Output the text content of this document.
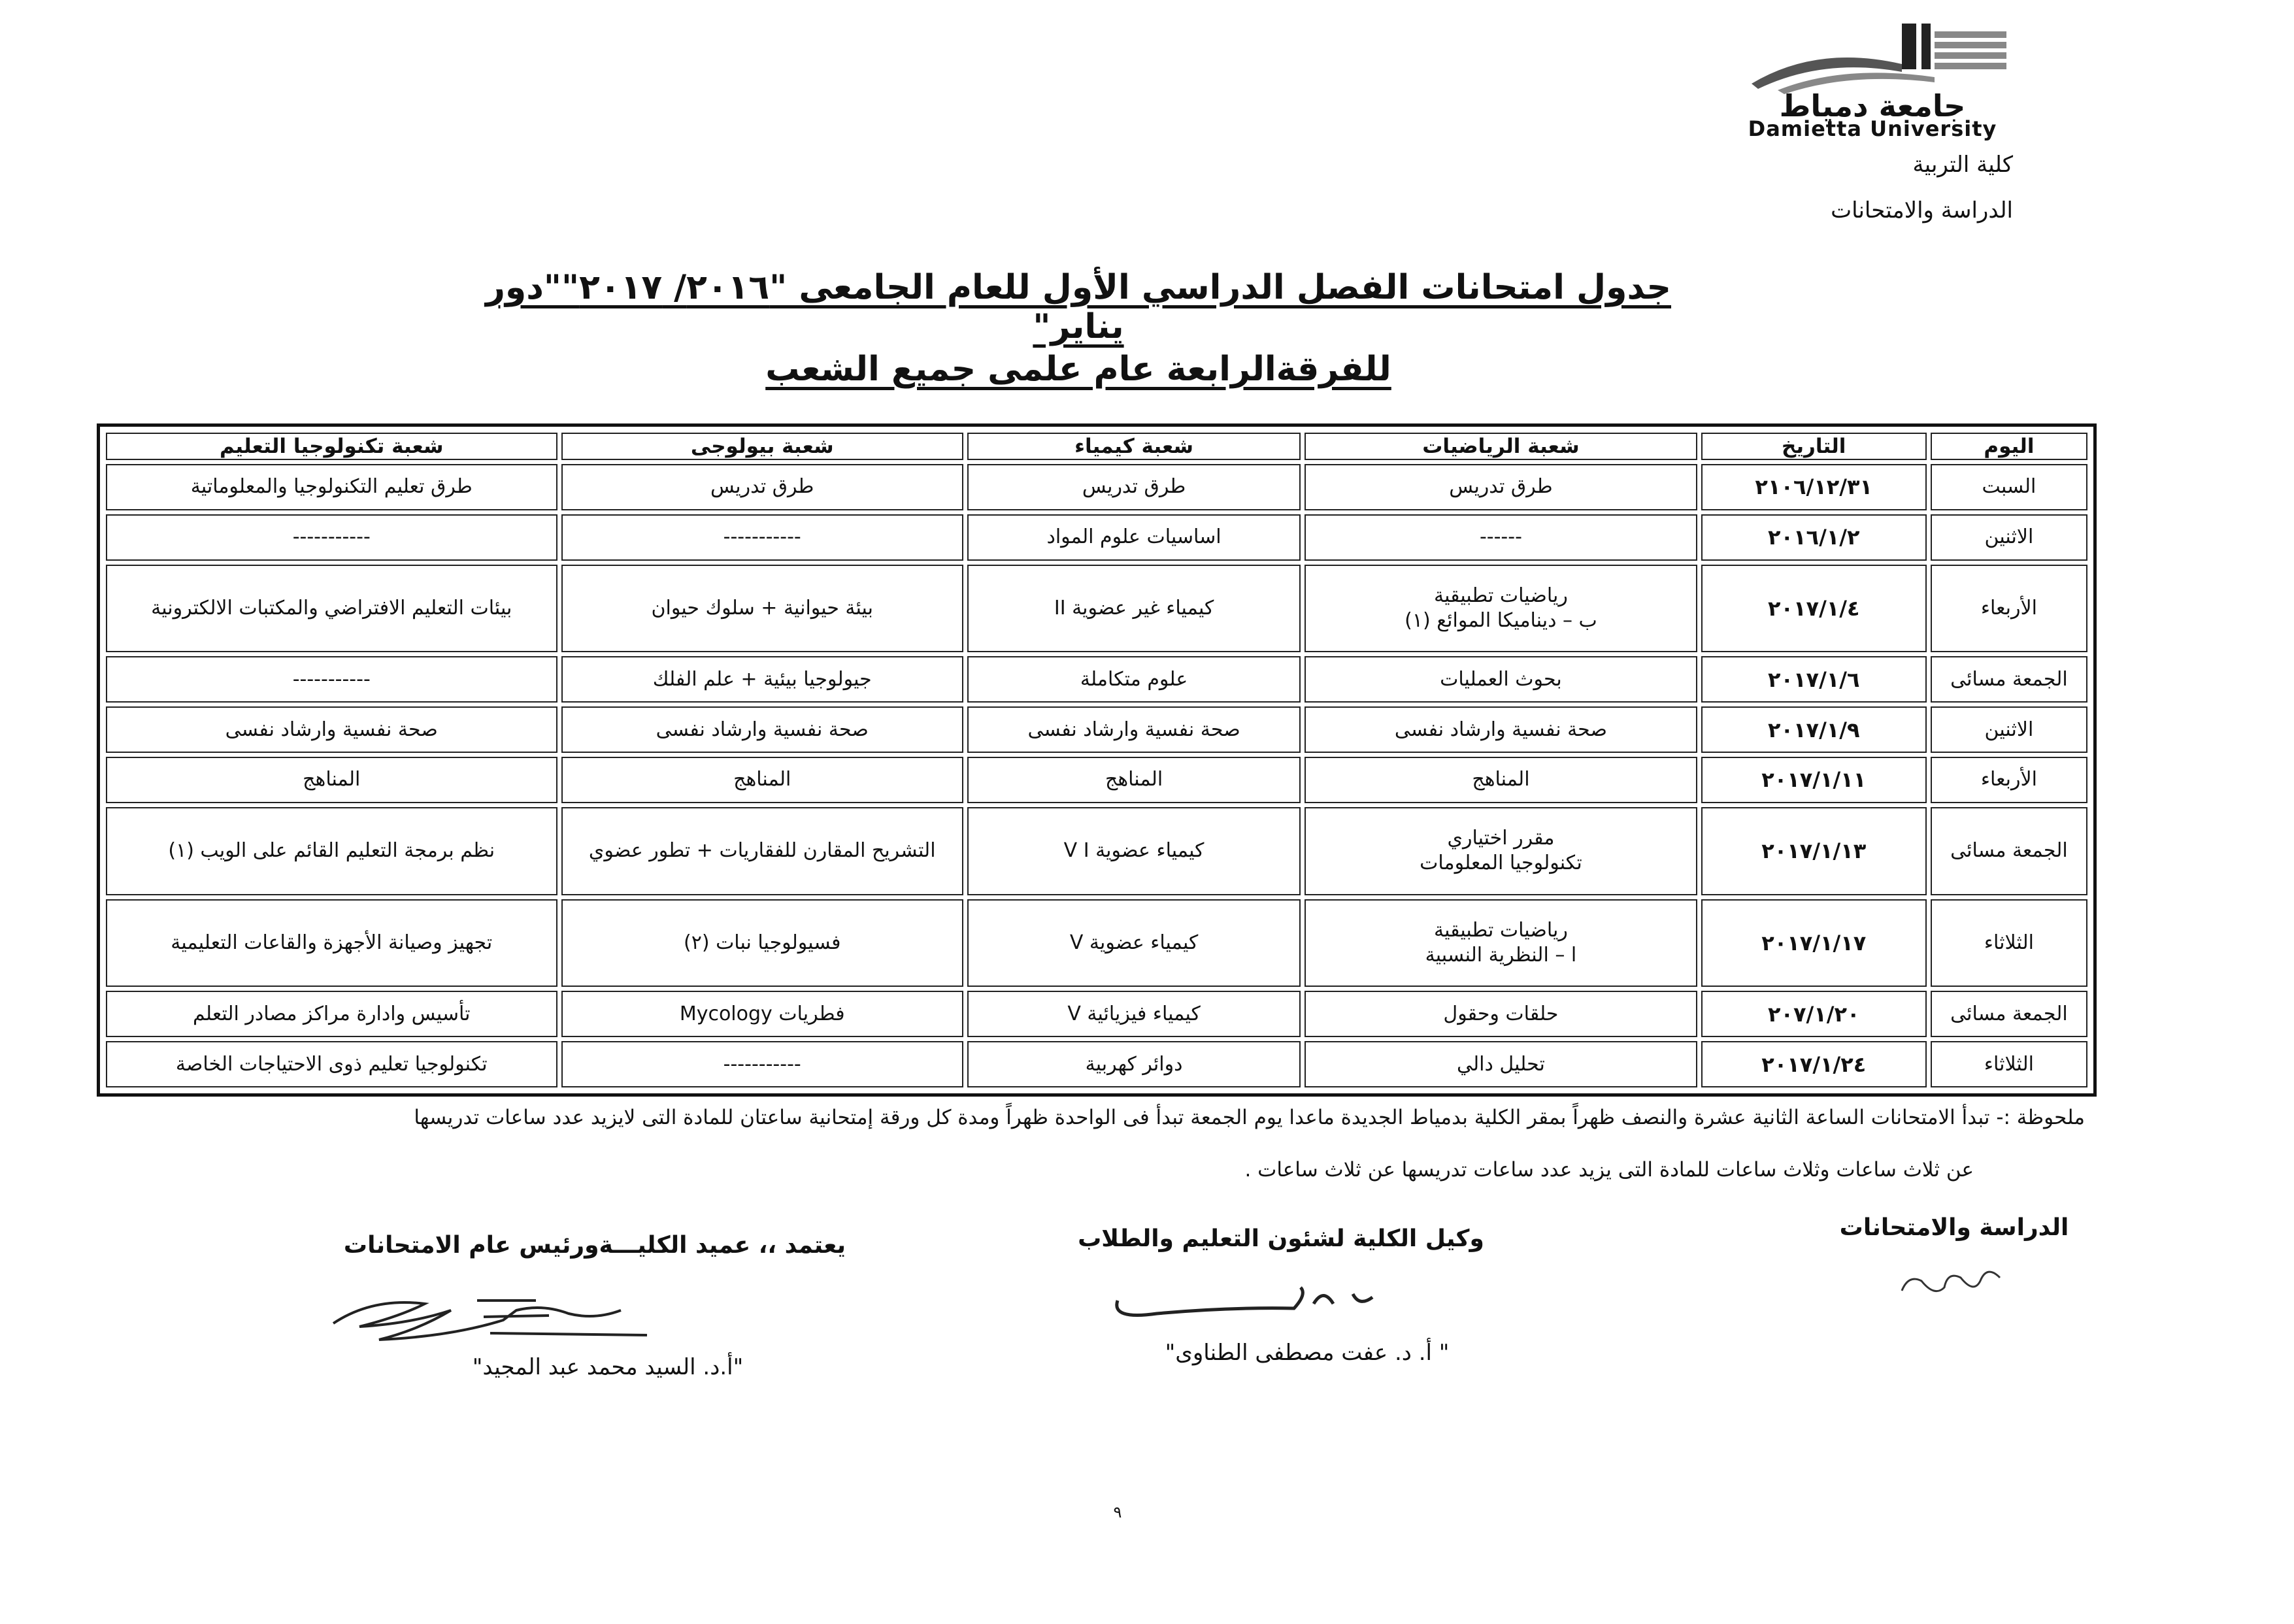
جامعة دمياط
Damietta University
كلية التربية
الدراسة والامتحانات
جدول امتحانات الفصل الدراسي الأول للعام الجامعى "٢٠١٦/ ٢٠١٧""دور يناير"
للفرقةالرابعة عام علمى جميع الشعب
اليوم	التاريخ	شعبة الرياضيات	شعبة كيمياء	شعبة بيولوجى	شعبة تكنولوجيا التعليم

السبت	٢١٠٦/١٢/٣١	طرق تدريس	طرق تدريس	طرق تدريس	طرق تعليم التكنولوجيا والمعلوماتية

الاثنين	٢٠١٦/١/٢	------	اساسيات علوم المواد	-----------	-----------

الأربعاء	٢٠١٧/١/٤	رياضيات تطبيقية
ب – ديناميكا الموائع (١)	كيمياء غير عضوية II	بيئة حيوانية + سلوك حيوان	بيئات التعليم الافتراضي والمكتبات الالكترونية

الجمعة مسائى	٢٠١٧/١/٦	بحوث العمليات	علوم متكاملة	جيولوجيا بيئية + علم الفلك	-----------

الاثنين	٢٠١٧/١/٩	صحة نفسية وارشاد نفسى	صحة نفسية وارشاد نفسى	صحة نفسية وارشاد نفسى	صحة نفسية وارشاد نفسى

الأربعاء	٢٠١٧/١/١١	المناهج	المناهج	المناهج	المناهج

الجمعة مسائى	٢٠١٧/١/١٣	مقرر اختياري
تكنولوجيا المعلومات	كيمياء عضوية V I	التشريح المقارن للفقاريات + تطور عضوي	نظم برمجة التعليم القائم على الويب (١)

الثلاثاء	٢٠١٧/١/١٧	رياضيات تطبيقية
ا – النظرية النسبية	كيمياء عضوية V	فسيولوجيا نبات (٢)	تجهيز وصيانة الأجهزة والقاعات التعليمية

الجمعة مسائى	٢٠٧/١/٢٠	حلقات وحقول	كيمياء فيزيائية V	فطريات Mycology	تأسيس وادارة مراكز مصادر التعلم

الثلاثاء	٢٠١٧/١/٢٤	تحليل دالي	دوائر كهربية	-----------	تكنولوجيا تعليم ذوى الاحتياجات الخاصة
ملحوظة :- تبدأ الامتحانات الساعة الثانية عشرة والنصف ظهراً بمقر الكلية بدمياط الجديدة ماعدا يوم الجمعة تبدأ فى الواحدة ظهراً ومدة كل ورقة إمتحانية ساعتان للمادة التى لايزيد عدد ساعات تدريسها
عن ثلاث ساعات وثلاث ساعات للمادة التى يزيد عدد ساعات تدريسها عن ثلاث ساعات .
الدراسة والامتحانات
وكيل الكلية لشئون التعليم والطلاب
" أ. د. عفت مصطفى الطناوى"
يعتمد ،، عميد الكليـــةورئيس عام الامتحانات
"أ.د. السيد محمد عبد المجيد"
٩
